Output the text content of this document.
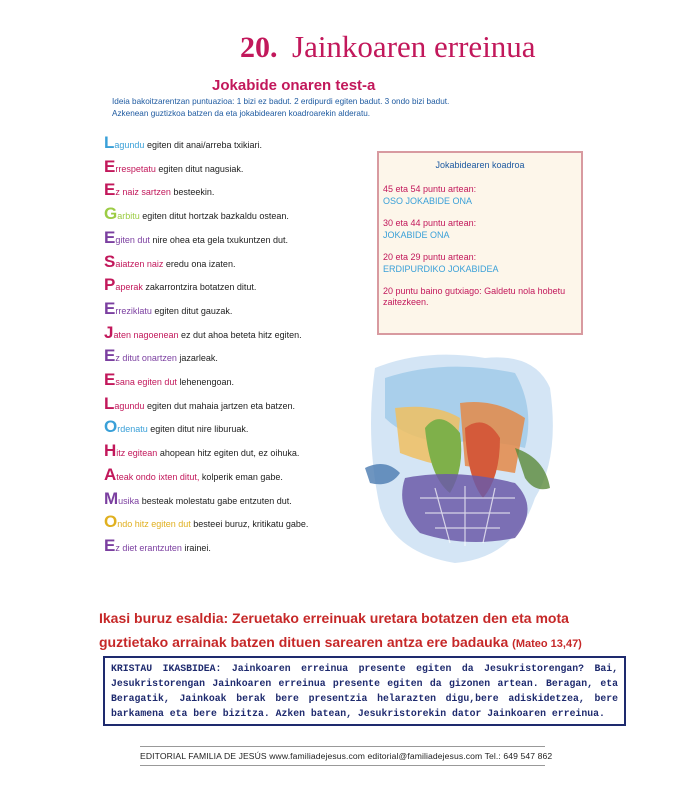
20. Jainkoaren erreinua
Jokabide onaren test-a
Ideia bakoitzarentzan puntuazioa: 1 bizi ez badut. 2 erdipurdi egiten badut. 3 ondo bizi badut. Azkenean guztizkoa batzen da eta jokabidearen koadroarekin alderatu.
Lagundu egiten dit anai/arreba txikiari.
Errespetatu egiten ditut nagusiak.
Ez naiz sartzen besteekin.
Garbitu egiten ditut hortzak bazkaldu ostean.
Egiten dut nire ohea eta gela txukuntzen dut.
Saiatzen naiz eredu ona izaten.
Paperak zakarrontzira botatzen ditut.
Erreziklatu egiten ditut gauzak.
Jaten nagoenean ez dut ahoa beteta hitz egiten.
Ez ditut onartzen jazarleak.
Esana egiten dut lehenengoan.
Lagundu egiten dut mahaia jartzen eta batzen.
Ordenatu egiten ditut nire liburuak.
Hitz egitean ahopean hitz egiten dut, ez oihuka.
Ateak ondo ixten ditut, kolperik eman gabe.
Musika besteak molestatu gabe entzuten dut.
Ondo hitz egiten dut besteei buruz, kritikatu gabe.
Ez diet erantzuten irainei.
Jokabidearen koadroa
45 eta 54 puntu artean:
OSO JOKABIDE ONA
30 eta 44 puntu artean:
JOKABIDE ONA
20 eta 29 puntu artean:
ERDIPURDIKO JOKABIDEA
20 puntu baino gutxiago: Galdetu nola hobetu zaitezkeen.
Ikasi buruz esaldia: Zeruetako erreinuak uretara botatzen den eta mota guztietako arrainak batzen dituen sarearen antza ere badauka (Mateo 13,47)
KRISTAU IKASBIDEA: Jainkoaren erreinua presente egiten da Jesukristorengan? Bai, Jesukristorengan Jainkoaren erreinua presente egiten da gizonen artean. Beragan, eta Beragatik, Jainkoak berak bere presentzia helarazten digu,bere adiskidetzea, bere barkamena eta bere bizitza. Azken batean, Jesukristorekin dator Jainkoaren erreinua.
EDITORIAL FAMILIA DE JESÚS www.familiadejesus.com editorial@familiadejesus.com Tel.: 649 547 862
